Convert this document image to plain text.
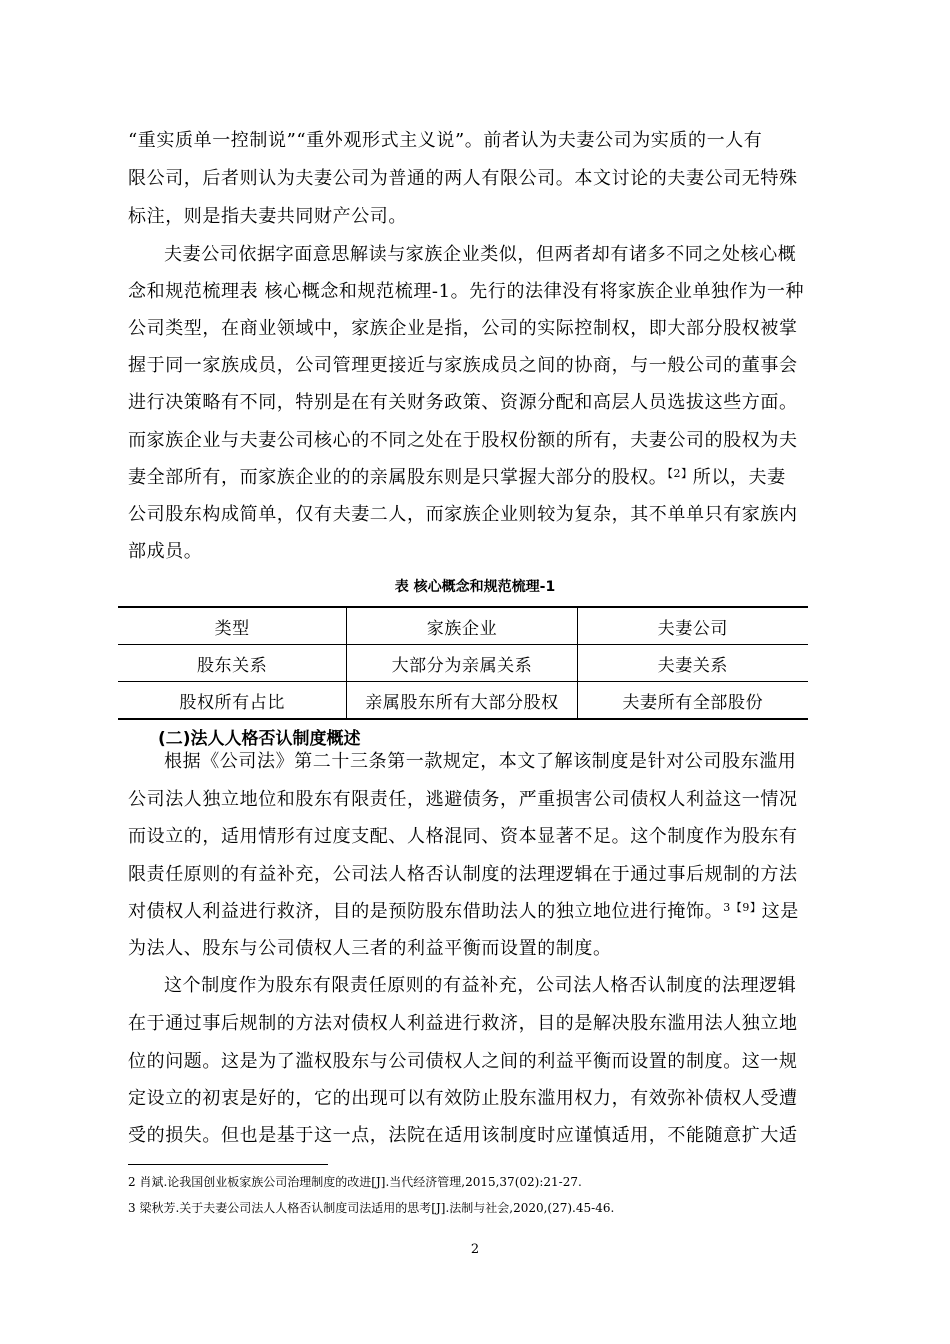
“重实质单一控制说”“重外观形式主义说”。前者认为夫妻公司为实质的一人有
限公司，后者则认为夫妻公司为普通的两人有限公司。本文讨论的夫妻公司无特殊
标注，则是指夫妻共同财产公司。
夫妻公司依据字面意思解读与家族企业类似，但两者却有诸多不同之处核心概
念和规范梳理表 核心概念和规范梳理-1。先行的法律没有将家族企业单独作为一种
公司类型，在商业领域中，家族企业是指，公司的实际控制权，即大部分股权被掌
握于同一家族成员，公司管理更接近与家族成员之间的协商，与一般公司的董事会
进行决策略有不同，特别是在有关财务政策、资源分配和高层人员选拔这些方面。
而家族企业与夫妻公司核心的不同之处在于股权份额的所有，夫妻公司的股权为夫
妻全部所有，而家族企业的的亲属股东则是只掌握大部分的股权。$^{【2】}$所以，夫妻
公司股东构成简单，仅有夫妻二人，而家族企业则较为复杂，其不单单只有家族内
部成员。
表 核心概念和规范梳理-1
类型	家族企业	夫妻公司
股东关系	大部分为亲属关系	夫妻关系
股权所有占比	亲属股东所有大部分股权	夫妻所有全部股份
(二)法人人格否认制度概述
根据《公司法》第二十三条第一款规定，本文了解该制度是针对公司股东滥用
公司法人独立地位和股东有限责任，逃避债务，严重损害公司债权人利益这一情况
而设立的，适用情形有过度支配、人格混同、资本显著不足。这个制度作为股东有
限责任原则的有益补充，公司法人格否认制度的法理逻辑在于通过事后规制的方法
对债权人利益进行救济，目的是预防股东借助法人的独立地位进行掩饰。$^{3【9】}$这是
为法人、股东与公司债权人三者的利益平衡而设置的制度。
这个制度作为股东有限责任原则的有益补充，公司法人格否认制度的法理逻辑
在于通过事后规制的方法对债权人利益进行救济，目的是解决股东滥用法人独立地
位的问题。这是为了滥权股东与公司债权人之间的利益平衡而设置的制度。这一规
定设立的初衷是好的，它的出现可以有效防止股东滥用权力，有效弥补债权人受遭
受的损失。但也是基于这一点，法院在适用该制度时应谨慎适用，不能随意扩大适
2 肖斌.论我国创业板家族公司治理制度的改进[J].当代经济管理,2015,37(02):21-27.
3 梁秋芳.关于夫妻公司法人人格否认制度司法适用的思考[J].法制与社会,2020,(27).45-46.
2
